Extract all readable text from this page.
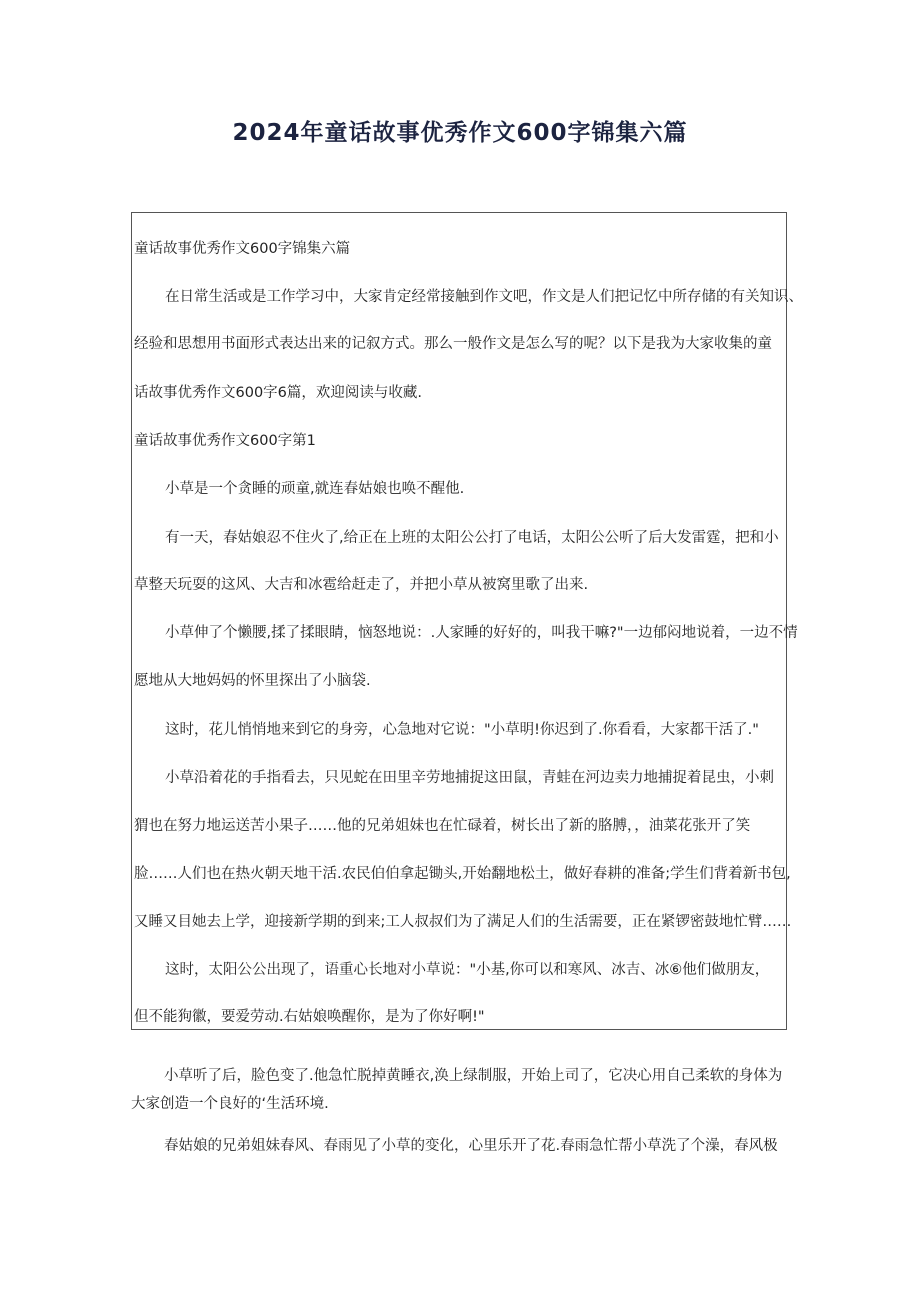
2024年童话故事优秀作文600字锦集六篇
童话故事优秀作文600字锦集六篇
在日常生活或是工作学习中，大家肯定经常接触到作文吧，作文是人们把记忆中所存储的有关知识、
经验和思想用书面形式表达出来的记叙方式。那么一般作文是怎么写的呢？以下是我为大家收集的童
话故事优秀作文600字6篇，欢迎阅读与收藏.
童话故事优秀作文600字第1
小草是一个贪睡的顽童,就连春姑娘也唤不醒他.
有一天，春姑娘忍不住火了,给正在上班的太阳公公打了电话，太阳公公听了后大发雷霆，把和小
草整天玩耍的这风、大吉和冰雹给赶走了，并把小草从被窝里歌了出来.
小草伸了个懒腰,揉了揉眼睛，恼怒地说：.人家睡的好好的，叫我干嘛?"一边郁闷地说着，一边不情
愿地从大地妈妈的怀里探出了小脑袋.
这时，花儿悄悄地来到它的身旁，心急地对它说："小草明!你迟到了.你看看，大家都干活了."
小草沿着花的手指看去，只见蛇在田里辛劳地捕捉这田鼠，青蛙在河边卖力地捕捉着昆虫，小刺
猬也在努力地运送苦小果子……他的兄弟姐妹也在忙碌着，树长出了新的胳膊，，油菜花张开了笑
脸……人们也在热火朝天地干活.农民伯伯拿起锄头,开始翻地松土，做好春耕的准备;学生们背着新书包,
又睡又目她去上学，迎接新学期的到来;工人叔叔们为了满足人们的生活需要，正在紧锣密鼓地忙臂……
这时，太阳公公出现了，语重心长地对小草说："小基,你可以和寒风、冰吉、冰⑥他们做朋友，
但不能狗徽，要爱劳动.右姑娘唤醒你，是为了你好啊!"
小草听了后，脸色变了.他急忙脱掉黄睡衣,涣上绿制服，开始上司了，它决心用自己柔软的身体为
大家创造一个良好的‘生活环境.
春姑娘的兄弟姐妹春风、春雨见了小草的变化，心里乐开了花.春雨急忙帮小草洗了个澡，春风极
